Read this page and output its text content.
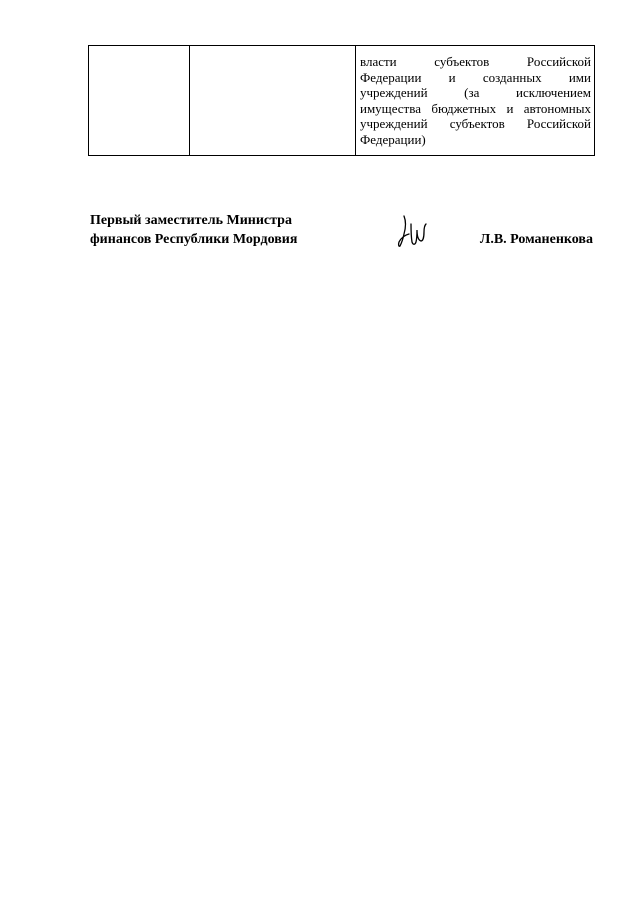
власти субъектов Российской
Федерации и созданных ими
учреждений (за исключением
имущества бюджетных и автономных
учреждений субъектов Российской
Федерации)
Первый заместитель Министра
финансов Республики Мордовия	Л.В. Романенкова
